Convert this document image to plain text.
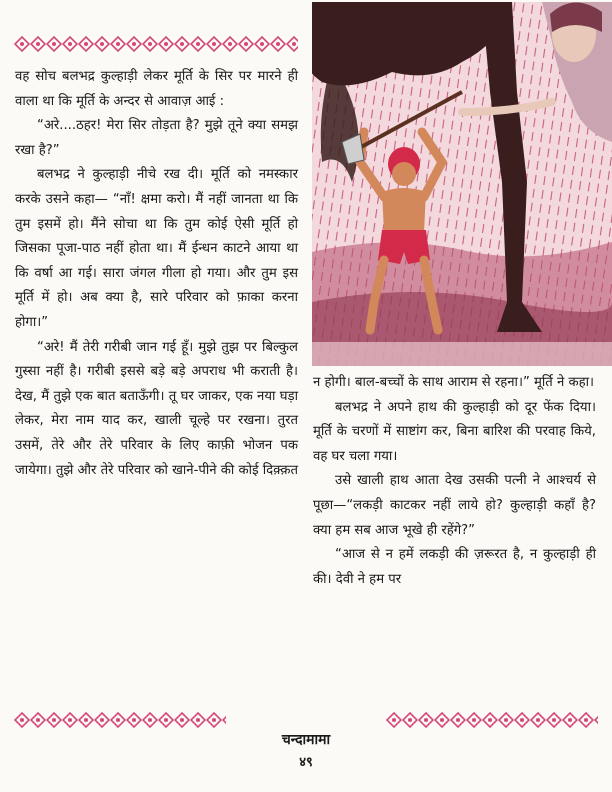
वह सोच बलभद्र कुल्हाड़ी लेकर मूर्ति के सिर पर मारने ही वाला था कि मूर्ति के अन्दर से आवाज़ आई :

“अरे....ठहर! मेरा सिर तोड़ता है? मुझे तूने क्या समझ रखा है?”

बलभद्र ने कुल्हाड़ी नीचे रख दी। मूर्ति को नमस्कार करके उसने कहा— “नाँ! क्षमा करो। मैं नहीं जानता था कि तुम इसमें हो। मैंने सोचा था कि तुम कोई ऐसी मूर्ति हो जिसका पूजा-पाठ नहीं होता था। मैं ईन्धन काटने आया था कि वर्षा आ गई। सारा जंगल गीला हो गया। और तुम इस मूर्ति में हो। अब क्या है, सारे परिवार को फ़ाका करना होगा।”

“अरे! मैं तेरी गरीबी जान गई हूँ। मुझे तुझ पर बिल्कुल गुस्सा नहीं है। गरीबी इससे बड़े बड़े अपराध भी कराती है। देख, मैं तुझे एक बात बताऊँगी। तू घर जाकर, एक नया घड़ा लेकर, मेरा नाम याद कर, खाली चूल्हे पर रखना। तुरत उसमें, तेरे और तेरे परिवार के लिए काफ़ी भोजन पक जायेगा। तुझे और तेरे परिवार को खाने-पीने की कोई दिक़्क़त

न होगी। बाल-बच्चों के साथ आराम से रहना।” मूर्ति ने कहा।

बलभद्र ने अपने हाथ की कुल्हाड़ी को दूर फेंक दिया। मूर्ति के चरणों में साष्टांग कर, बिना बारिश की परवाह किये, वह घर चला गया।

उसे खाली हाथ आता देख उसकी पत्नी ने आश्चर्य से पूछा—“लकड़ी काटकर नहीं लाये हो? कुल्हाड़ी कहाँ है? क्या हम सब आज भूखे ही रहेंगे?”

“आज से न हमें लकड़ी की ज़रूरत है, न कुल्हाड़ी ही की। देवी ने हम पर

चन्दामामा
४९
